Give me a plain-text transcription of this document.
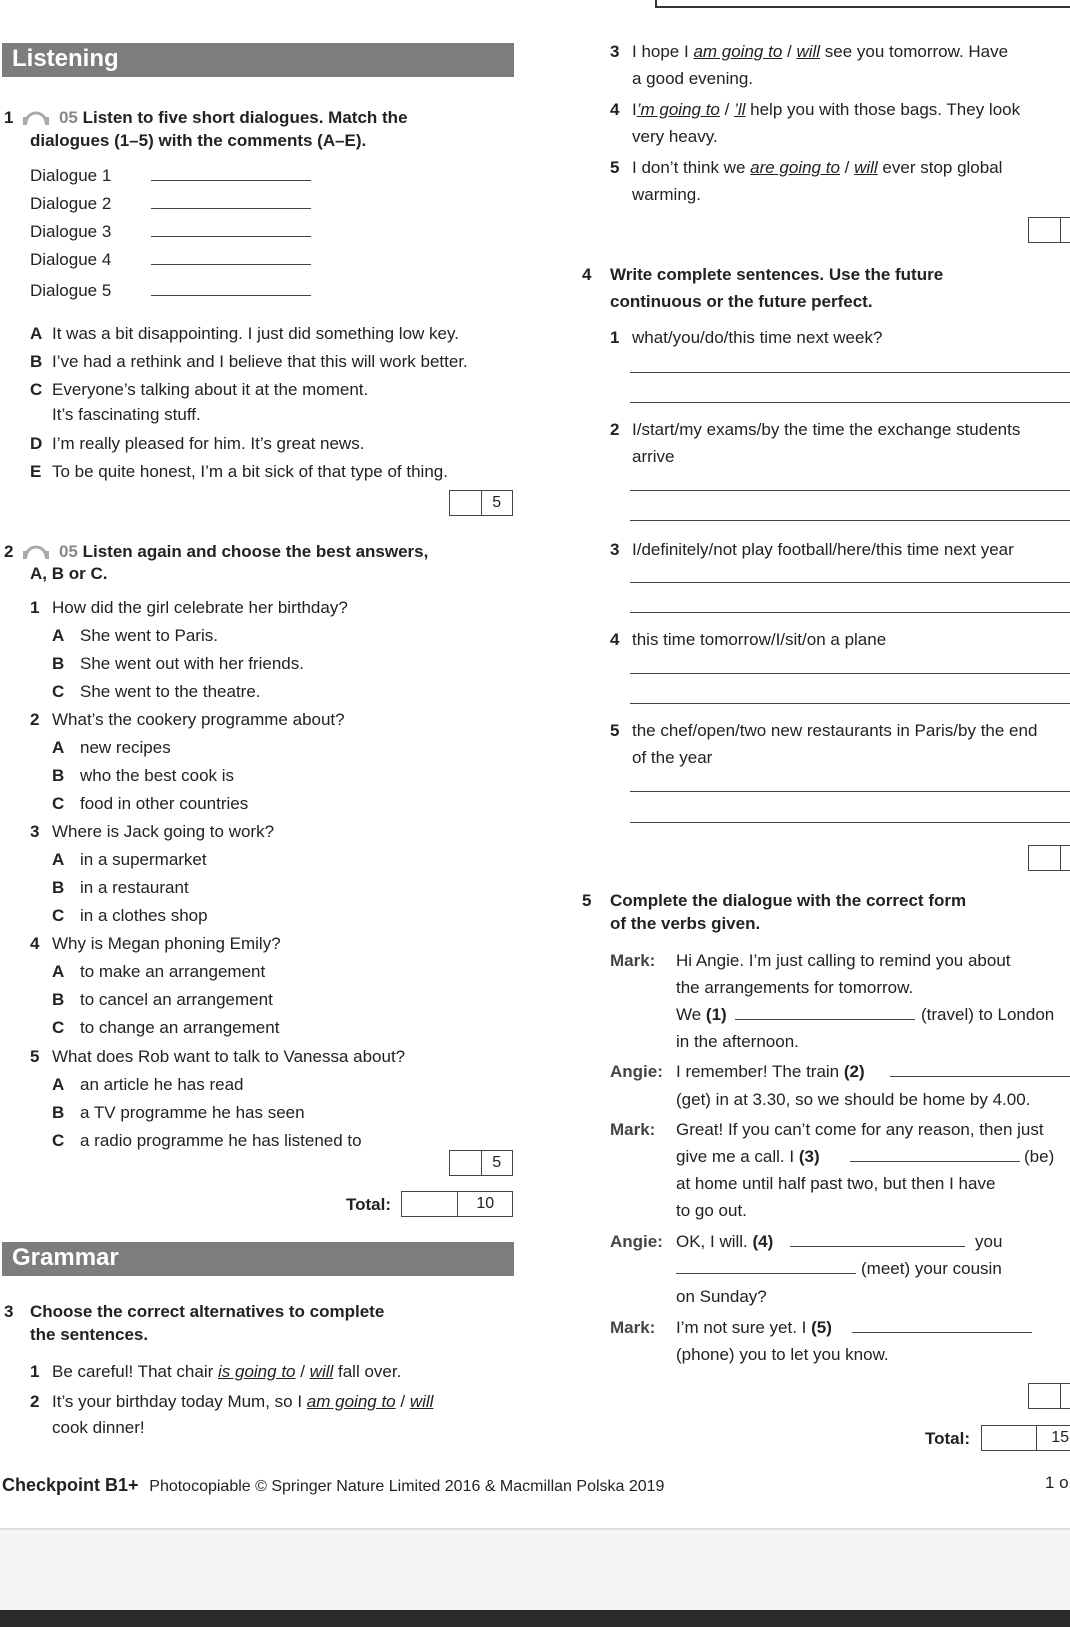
Listening
1	05 Listen to five short dialogues. Match the
dialogues (1–5) with the comments (A–E).
Dialogue 1
Dialogue 2
Dialogue 3
Dialogue 4
Dialogue 5
A It was a bit disappointing. I just did something low key.
B I’ve had a rethink and I believe that this will work better.
C Everyone’s talking about it at the moment.
It’s fascinating stuff.
D I’m really pleased for him. It’s great news.
E To be quite honest, I’m a bit sick of that type of thing.
5
2	05 Listen again and choose the best answers,
A, B or C.
1 How did the girl celebrate her birthday?
A She went to Paris.
B She went out with her friends.
C She went to the theatre.
2 What’s the cookery programme about?
A new recipes
B who the best cook is
C food in other countries
3 Where is Jack going to work?
A in a supermarket
B in a restaurant
C in a clothes shop
4 Why is Megan phoning Emily?
A to make an arrangement
B to cancel an arrangement
C to change an arrangement
5 What does Rob want to talk to Vanessa about?
A an article he has read
B a TV programme he has seen
C a radio programme he has listened to
5
Total:	10
Grammar
3 Choose the correct alternatives to complete
the sentences.
1 Be careful! That chair is going to / will fall over.
2 It’s your birthday today Mum, so I am going to / will
cook dinner!
Checkpoint B1+ Photocopiable © Springer Nature Limited 2016 & Macmillan Polska 2019	1 o
3 I hope I am going to / will see you tomorrow. Have
a good evening.
4 I’m going to / ’ll help you with those bags. They look
very heavy.
5 I don’t think we are going to / will ever stop global
warming.
4 Write complete sentences. Use the future
continuous or the future perfect.
1 what/you/do/this time next week?
2 I/start/my exams/by the time the exchange students
arrive
3 I/definitely/not play football/here/this time next year
4 this time tomorrow/I/sit/on a plane
5 the chef/open/two new restaurants in Paris/by the end
of the year
5 Complete the dialogue with the correct form
of the verbs given.
Mark: Hi Angie. I’m just calling to remind you about
the arrangements for tomorrow.
We (1)	(travel) to London
in the afternoon.
Angie: I remember! The train (2)
(get) in at 3.30, so we should be home by 4.00.
Mark: Great! If you can’t come for any reason, then just
give me a call. I (3)	(be)
at home until half past two, but then I have
to go out.
Angie: OK, I will. (4)	you
(meet) your cousin
on Sunday?
Mark: I’m not sure yet. I (5)
(phone) you to let you know.
Total:	15
